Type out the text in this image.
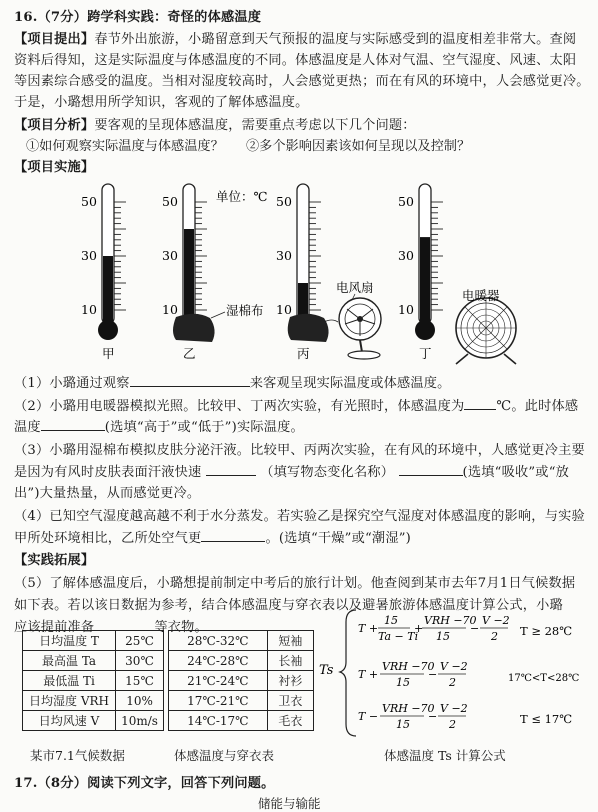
16.（7分）跨学科实践：奇怪的体感温度
【项目提出】春节外出旅游，小璐留意到天气预报的温度与实际感受到的温度相差非常大。查阅
资料后得知，这是实际温度与体感温度的不同。体感温度是人体对气温、空气湿度、风速、太阳
等因素综合感受的温度。当相对湿度较高时，人会感觉更热；而在有风的环境中，人会感觉更冷。
于是，小璐想用所学知识，客观的了解体感温度。
【项目分析】要客观的呈现体感温度，需要重点考虑以下几个问题：
①如何观察实际温度与体感温度？ ②多个影响因素该如何呈现以及控制？
【项目实施】
单位：℃
50
30
10
甲
50
30
10
乙
50
30
10
丙
50
30
10
丁
湿棉布
电风扇
电暖器
（1）小璐通过观察	来客观呈现实际温度或体感温度。
（2）小璐用电暖器模拟光照。比较甲、丁两次实验，有光照时，体感温度为 ℃。此时体感
温度	(选填“高于”或“低于”)实际温度。
（3）小璐用湿棉布模拟皮肤分泌汗液。比较甲、丙两次实验，在有风的环境中，人感觉更冷主要
是因为有风时皮肤表面汗液快速	（填写物态变化名称）	(选填“吸收”或“放
出”)大量热量，从而感觉更冷。
（4）已知空气湿度越高越不利于水分蒸发。若实验乙是探究空气湿度对体感温度的影响，与实验
甲所处环境相比，乙所处空气更	。(选填“干燥”或“潮湿”)
【实践拓展】
（5）了解体感温度后，小璐想提前制定中考后的旅行计划。他查阅到某市去年7月1日气候数据
如下表。若以该日数据为参考，结合体感温度与穿衣表以及避暑旅游体感温度计算公式，小璐
应该提前准备	等衣物。
日均温度 T	25℃
最高温 Ta	30℃
最低温 Ti	15℃
日均湿度 VRH	10%
日均风速 V	10m/s
28℃-32℃	短袖
24℃-28℃	长袖
21℃-24℃	衬衫
17℃-21℃	卫衣
14℃-17℃	毛衣
某市7.1气候数据	体感温度与穿衣表
Ts
T +
15
Ta − Ti
+
VRH −70
15
−
V −2
2 T ≥ 28℃
T +
VRH −70
15
−
V −2
2	17℃<T<28℃
T −
VRH −70
15
−
V −2
2	T ≤ 17℃
体感温度 Ts 计算公式
17.（8分）阅读下列文字，回答下列问题。
储能与输能
